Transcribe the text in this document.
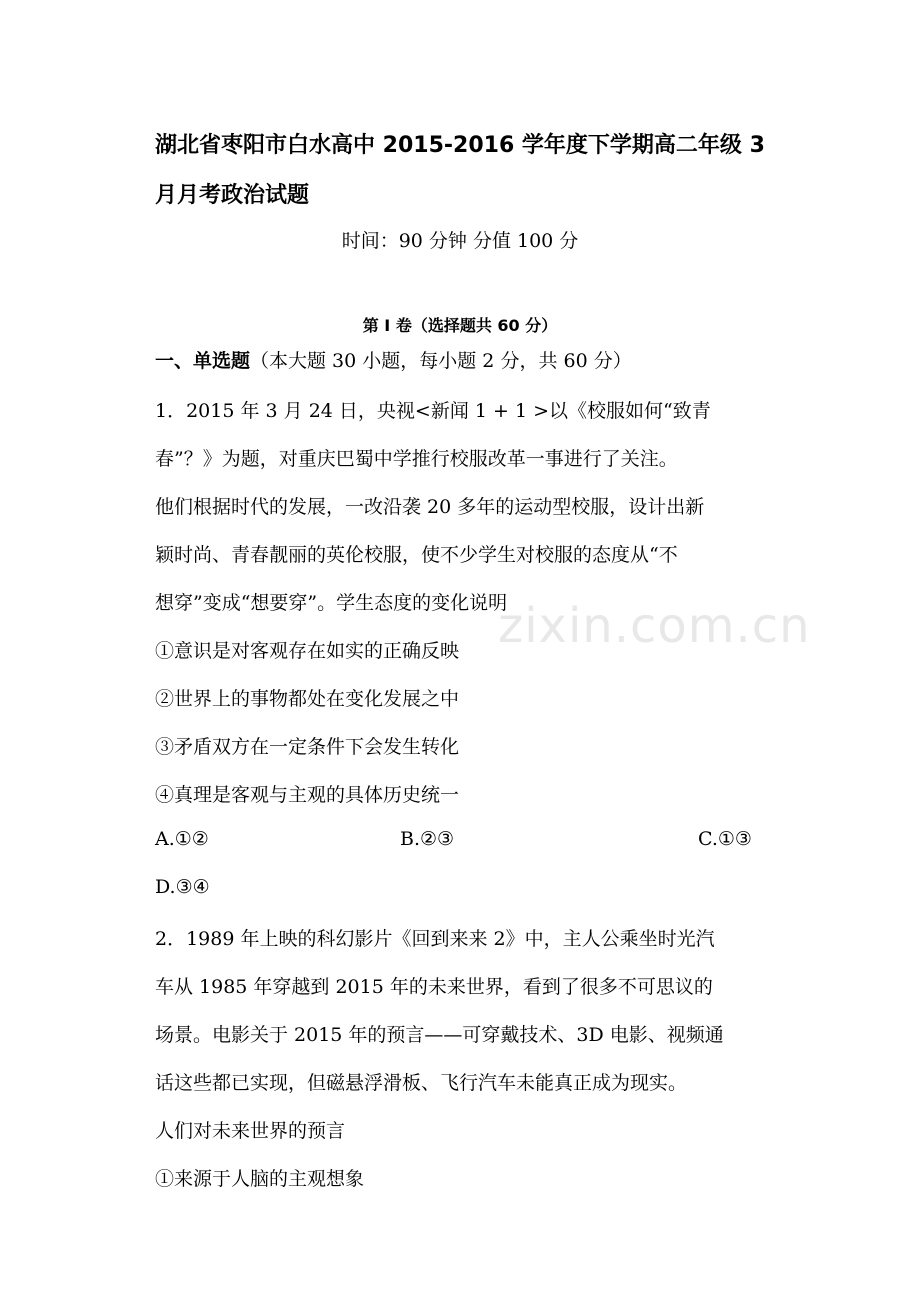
zixin.com.cn
湖北省枣阳市白水高中 2015-2016 学年度下学期高二年级 3
月月考政治试题
时间：90 分钟 分值 100 分
第 I 卷（选择题共 60 分）
一、单选题（本大题 30 小题，每小题 2 分，共 60 分）
1．2015 年 3 月 24 日，央视<新闻 1 + 1 >以《校服如何“致青
春”？》为题，对重庆巴蜀中学推行校服改革一事进行了关注。
他们根据时代的发展，一改沿袭 20 多年的运动型校服，设计出新
颖时尚、青春靓丽的英伦校服，使不少学生对校服的态度从“不
想穿”变成“想要穿”。学生态度的变化说明
①意识是对客观存在如实的正确反映
②世界上的事物都处在变化发展之中
③矛盾双方在一定条件下会发生转化
④真理是客观与主观的具体历史统一
A.①②	B.②③	C.①③
D.③④
2．1989 年上映的科幻影片《回到来来 2》中，主人公乘坐时光汽
车从 1985 年穿越到 2015 年的未来世界，看到了很多不可思议的
场景。电影关于 2015 年的预言——可穿戴技术、3D 电影、视频通
话这些都已实现，但磁悬浮滑板、飞行汽车未能真正成为现实。
人们对未来世界的预言
①来源于人脑的主观想象
